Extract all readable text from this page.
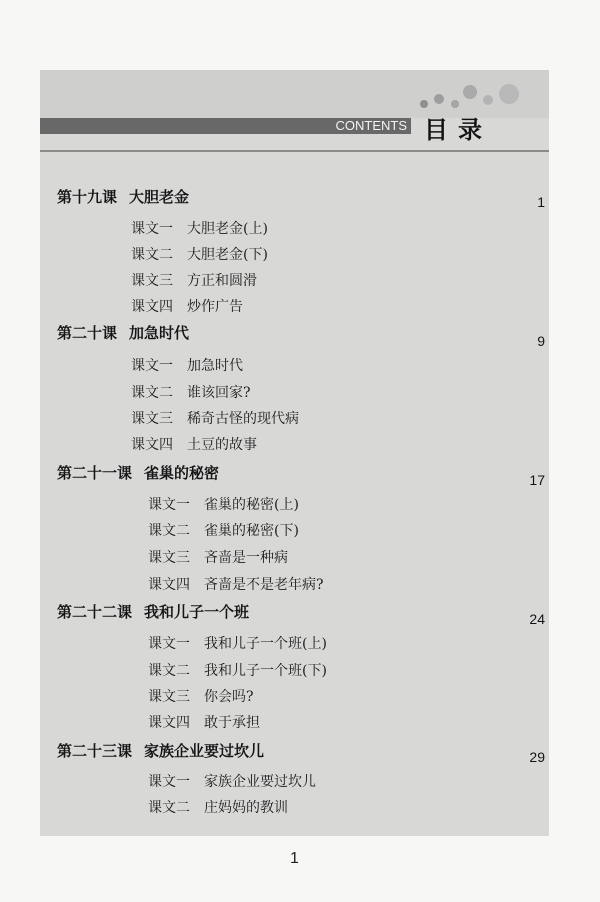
CONTENTS 目录
第十九课 大胆老金	1
课文一 大胆老金(上)
课文二 大胆老金(下)
课文三 方正和圆滑
课文四 炒作广告
第二十课 加急时代	9
课文一 加急时代
课文二 谁该回家?
课文三 稀奇古怪的现代病
课文四 土豆的故事
第二十一课 雀巢的秘密	17
课文一 雀巢的秘密(上)
课文二 雀巢的秘密(下)
课文三 吝啬是一种病
课文四 吝啬是不是老年病?
第二十二课 我和儿子一个班	24
课文一 我和儿子一个班(上)
课文二 我和儿子一个班(下)
课文三 你会吗?
课文四 敢于承担
第二十三课 家族企业要过坎儿	29
课文一 家族企业要过坎儿
课文二 庄妈妈的教训
1
